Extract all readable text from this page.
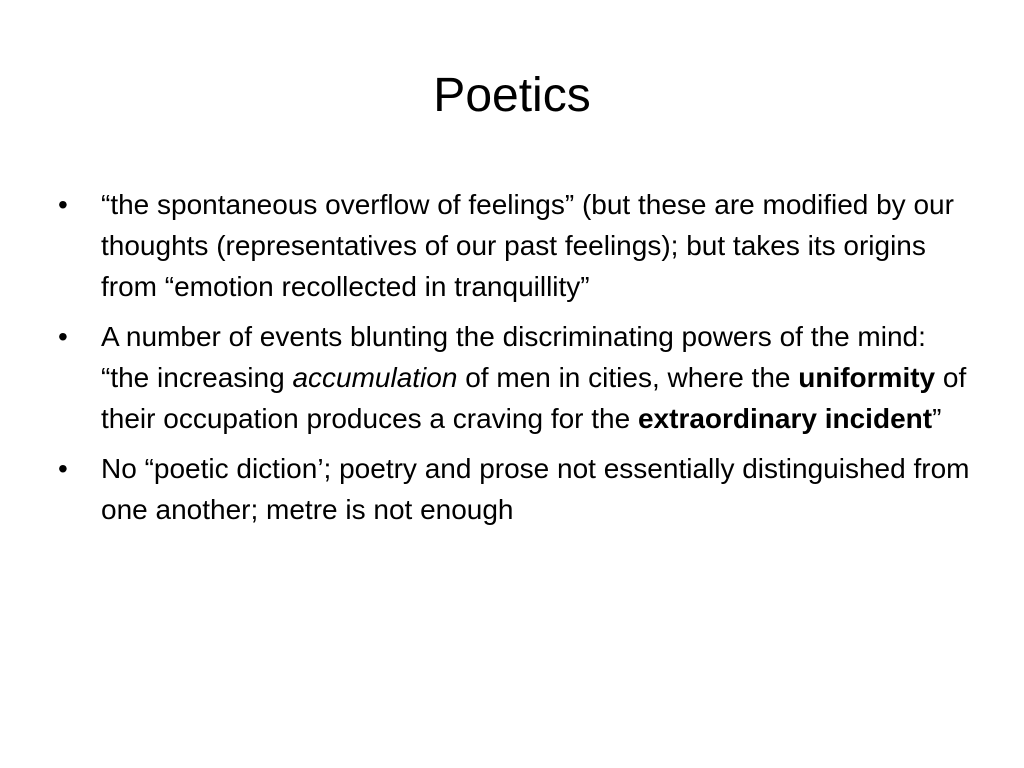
Poetics
•	“the spontaneous overflow of feelings” (but these are modified by our thoughts (representatives of our past feelings); but takes its origins from “emotion recollected in tranquillity”
•	A number of events blunting the discriminating powers of the mind: “the increasing accumulation of men in cities, where the uniformity of their occupation produces a craving for the extraordinary incident”
•	No “poetic diction’; poetry and prose not essentially distinguished from one another; metre is not enough
